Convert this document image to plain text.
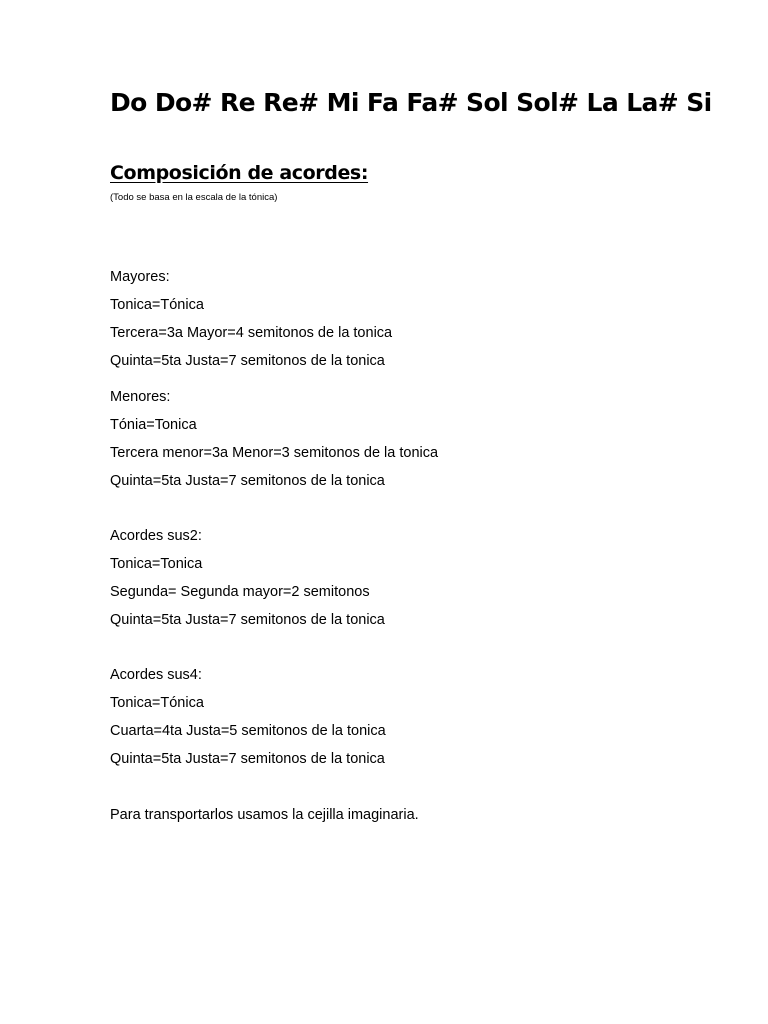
Do Do# Re Re# Mi Fa Fa# Sol Sol# La La# Si
Composición de acordes:

(Todo se basa en la escala de la tónica)

Mayores:

Tonica=Tónica

Tercera=3a Mayor=4 semitonos de la tonica

Quinta=5ta Justa=7 semitonos de la tonica

Menores:

Tónia=Tonica

Tercera menor=3a Menor=3 semitonos de la tonica

Quinta=5ta Justa=7 semitonos de la tonica

Acordes sus2:

Tonica=Tonica

Segunda= Segunda mayor=2 semitonos

Quinta=5ta Justa=7 semitonos de la tonica

Acordes sus4:

Tonica=Tónica

Cuarta=4ta Justa=5 semitonos de la tonica

Quinta=5ta Justa=7 semitonos de la tonica

Para transportarlos usamos la cejilla imaginaria.
